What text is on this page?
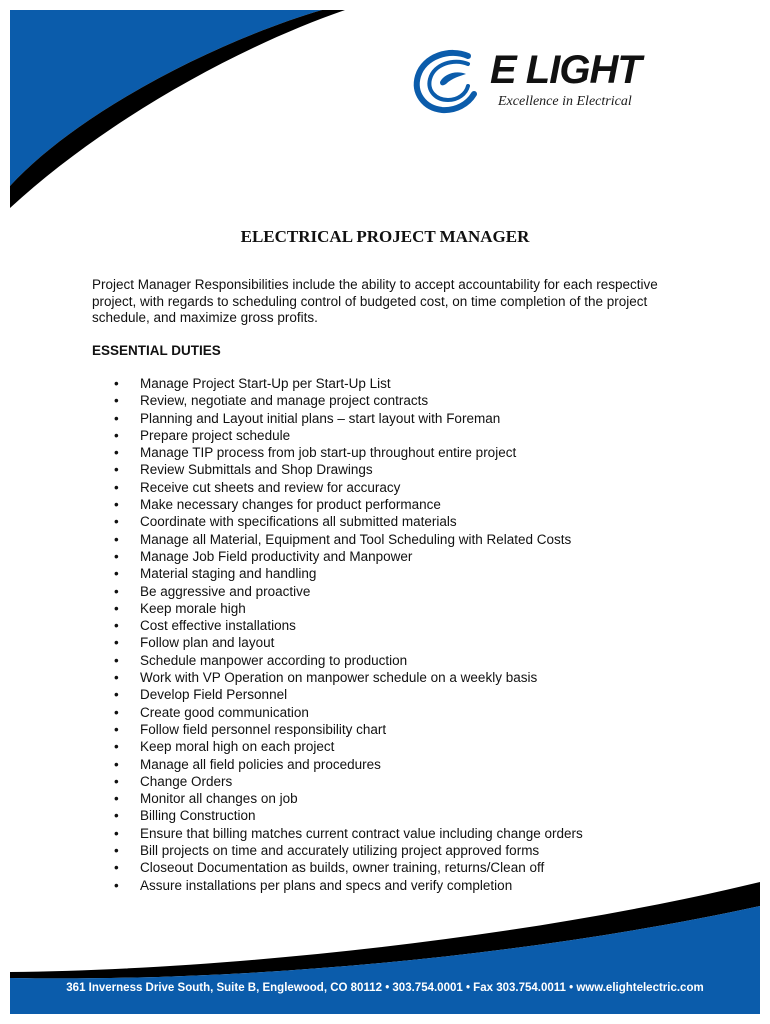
E LIGHT
Excellence in Electrical
ELECTRICAL PROJECT MANAGER
Project Manager Responsibilities include the ability to accept accountability for each respective project, with regards to scheduling control of budgeted cost, on time completion of the project schedule, and maximize gross profits.
ESSENTIAL DUTIES
• Manage Project Start-Up per Start-Up List
• Review, negotiate and manage project contracts
• Planning and Layout initial plans – start layout with Foreman
• Prepare project schedule
• Manage TIP process from job start-up throughout entire project
• Review Submittals and Shop Drawings
• Receive cut sheets and review for accuracy
• Make necessary changes for product performance
• Coordinate with specifications all submitted materials
• Manage all Material, Equipment and Tool Scheduling with Related Costs
• Manage Job Field productivity and Manpower
• Material staging and handling
• Be aggressive and proactive
• Keep morale high
• Cost effective installations
• Follow plan and layout
• Schedule manpower according to production
• Work with VP Operation on manpower schedule on a weekly basis
• Develop Field Personnel
• Create good communication
• Follow field personnel responsibility chart
• Keep moral high on each project
• Manage all field policies and procedures
• Change Orders
• Monitor all changes on job
• Billing Construction
• Ensure that billing matches current contract value including change orders
• Bill projects on time and accurately utilizing project approved forms
• Closeout Documentation as builds, owner training, returns/Clean off
• Assure installations per plans and specs and verify completion
361 Inverness Drive South, Suite B, Englewood, CO 80112 • 303.754.0001 • Fax 303.754.0011 • www.elightelectric.com
